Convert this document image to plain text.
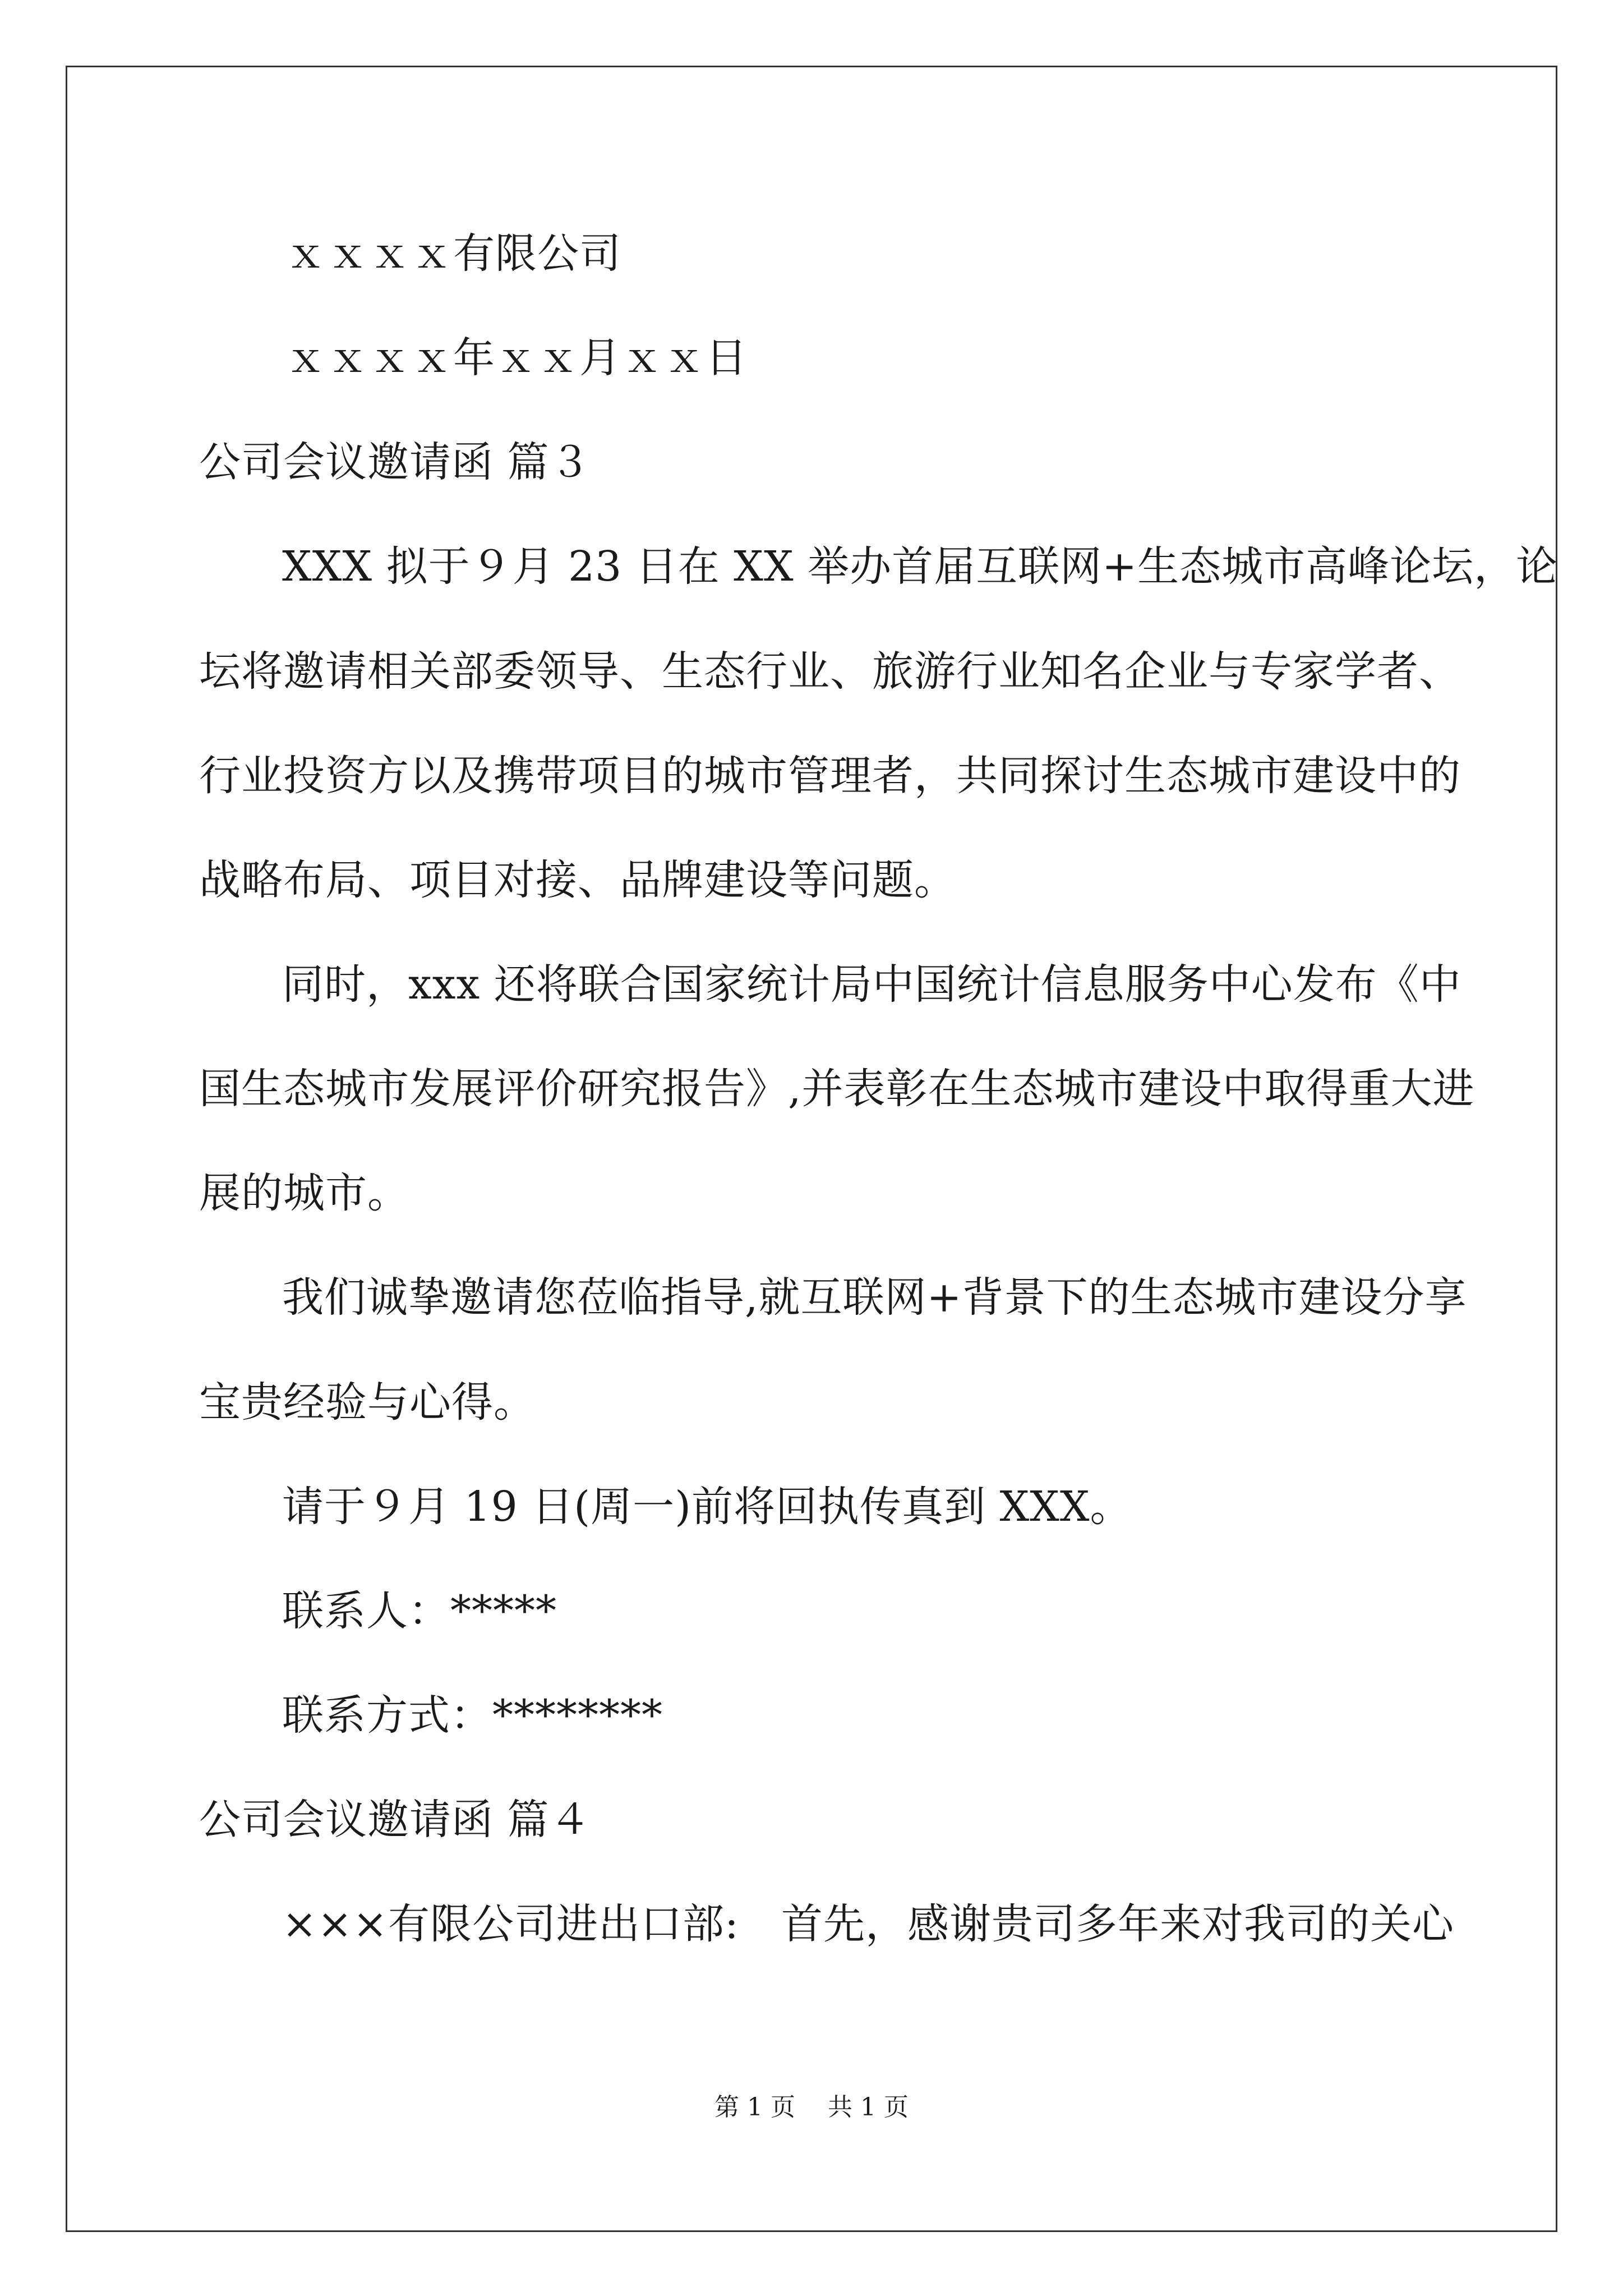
ｘｘｘｘ有限公司
ｘｘｘｘ年ｘｘ月ｘｘ日
公司会议邀请函 篇３
XXX 拟于９月 23 日在 XX 举办首届互联网+生态城市高峰论坛，论
坛将邀请相关部委领导、生态行业、旅游行业知名企业与专家学者、
行业投资方以及携带项目的城市管理者，共同探讨生态城市建设中的
战略布局、项目对接、品牌建设等问题。
同时，xxx 还将联合国家统计局中国统计信息服务中心发布《中
国生态城市发展评价研究报告》,并表彰在生态城市建设中取得重大进
展的城市。
我们诚挚邀请您莅临指导,就互联网+背景下的生态城市建设分享
宝贵经验与心得。
请于９月 19 日(周一)前将回执传真到 XXX。
联系人：*****
联系方式：********
公司会议邀请函 篇４
×××有限公司进出口部:　首先，感谢贵司多年来对我司的关心
第 1 页　 共 1 页
